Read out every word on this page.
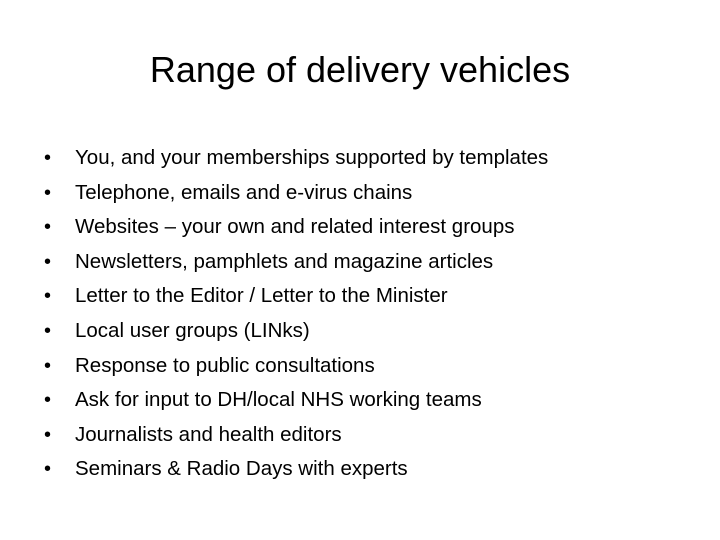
Range of delivery vehicles
•	You, and your memberships supported by templates
•	Telephone, emails and e-virus chains
•	Websites – your own and related interest groups
•	Newsletters, pamphlets and magazine articles
•	Letter to the Editor / Letter to the Minister
•	Local user groups (LINks)
•	Response to public consultations
•	Ask for input to DH/local NHS working teams
•	Journalists and health editors
•	Seminars & Radio Days with experts
